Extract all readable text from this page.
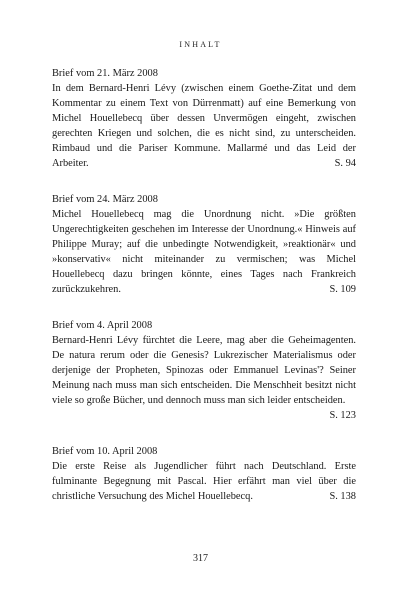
INHALT
Brief vom 21. März 2008
In dem Bernard-Henri Lévy (zwischen einem Goethe-Zitat und dem Kommentar zu einem Text von Dürrenmatt) auf eine Bemerkung von Michel Houellebecq über dessen Unvermögen eingeht, zwischen gerechten Kriegen und solchen, die es nicht sind, zu unterscheiden. Rimbaud und die Pariser Kommune. Mallarmé und das Leid der Arbeiter.	S. 94
Brief vom 24. März 2008
Michel Houellebecq mag die Unordnung nicht. »Die größten Ungerechtigkeiten geschehen im Interesse der Unordnung.« Hinweis auf Philippe Muray; auf die unbedingte Notwendigkeit, »reaktionär« und »konservativ« nicht miteinander zu vermischen; was Michel Houellebecq dazu bringen könnte, eines Tages nach Frankreich zurückzukehren.	S. 109
Brief vom 4. April 2008
Bernard-Henri Lévy fürchtet die Leere, mag aber die Geheimagenten. De natura rerum oder die Genesis? Lukrezischer Materialismus oder derjenige der Propheten, Spinozas oder Emmanuel Levinas'? Seiner Meinung nach muss man sich entscheiden. Die Menschheit besitzt nicht viele so große Bücher, und dennoch muss man sich leider entscheiden.
S. 123
Brief vom 10. April 2008
Die erste Reise als Jugendlicher führt nach Deutschland. Erste fulminante Begegnung mit Pascal. Hier erfährt man viel über die christliche Versuchung des Michel Houellebecq.	S. 138
317
